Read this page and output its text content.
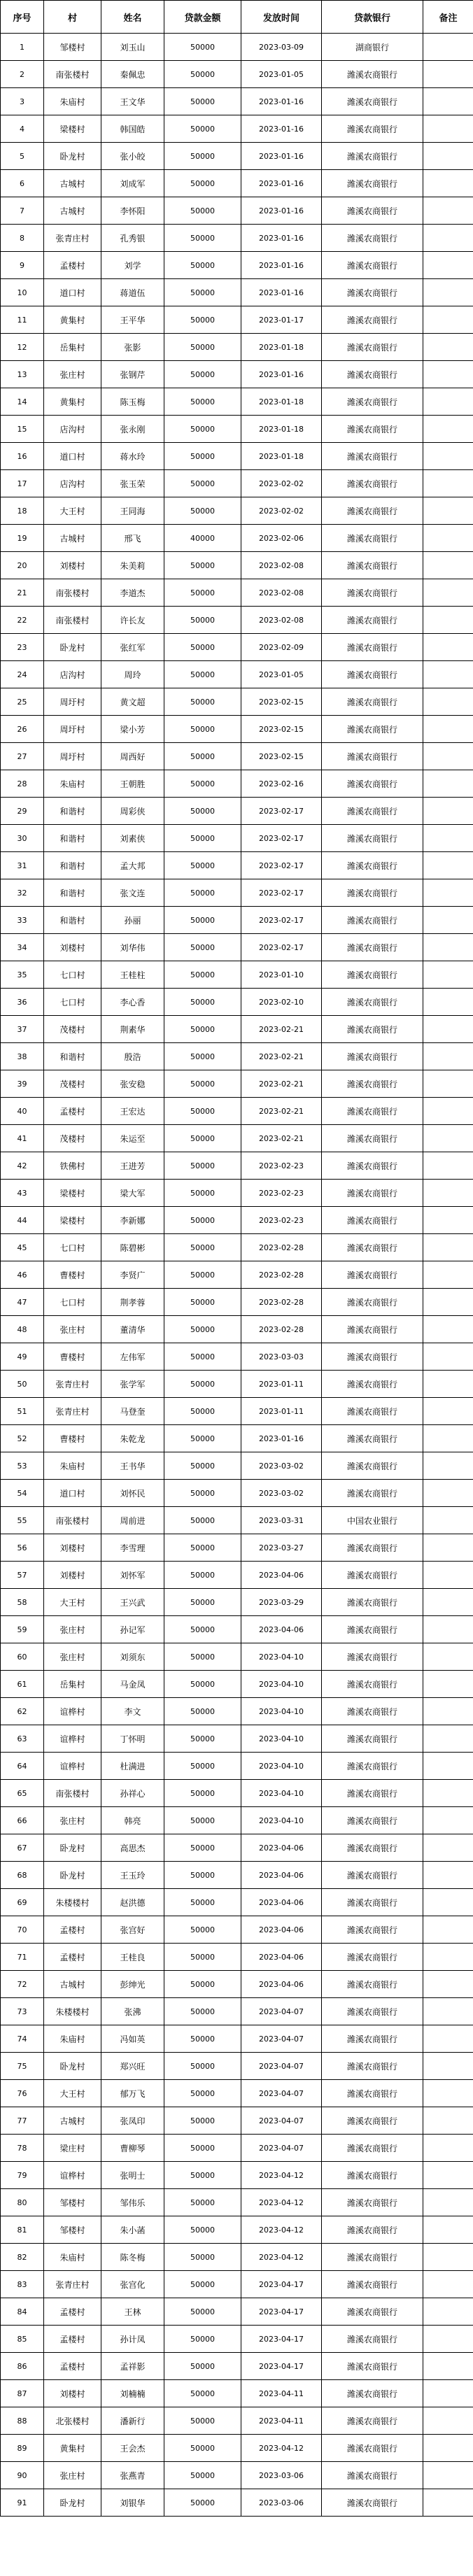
序号	村	姓名	贷款金额	发放时间	贷款银行	备注
1	邹楼村	刘玉山	50000	2023-03-09	湖商银行	
2	南张楼村	秦佩忠	50000	2023-01-05	潍溪农商银行	
3	朱庙村	王文华	50000	2023-01-16	潍溪农商银行	
4	梁楼村	韩国皓	50000	2023-01-16	潍溪农商银行	
5	卧龙村	张小皎	50000	2023-01-16	潍溪农商银行	
6	古城村	刘成军	50000	2023-01-16	潍溪农商银行	
7	古城村	李怀阳	50000	2023-01-16	潍溪农商银行	
8	张青庄村	孔秀银	50000	2023-01-16	潍溪农商银行	
9	孟楼村	刘学	50000	2023-01-16	潍溪农商银行	
10	道口村	蒋道伍	50000	2023-01-16	潍溪农商银行	
11	黄集村	王平华	50000	2023-01-17	潍溪农商银行	
12	岳集村	张影	50000	2023-01-18	潍溪农商银行	
13	张庄村	张钢芹	50000	2023-01-16	潍溪农商银行	
14	黄集村	陈玉梅	50000	2023-01-18	潍溪农商银行	
15	店沟村	张永刚	50000	2023-01-18	潍溪农商银行	
16	道口村	蒋水玲	50000	2023-01-18	潍溪农商银行	
17	店沟村	张玉荣	50000	2023-02-02	潍溪农商银行	
18	大王村	王同海	50000	2023-02-02	潍溪农商银行	
19	古城村	邢飞	40000	2023-02-06	潍溪农商银行	
20	刘楼村	朱美莉	50000	2023-02-08	潍溪农商银行	
21	南张楼村	李道杰	50000	2023-02-08	潍溪农商银行	
22	南张楼村	许长友	50000	2023-02-08	潍溪农商银行	
23	卧龙村	张红军	50000	2023-02-09	潍溪农商银行	
24	店沟村	周玲	50000	2023-01-05	潍溪农商银行	
25	周圩村	黄文超	50000	2023-02-15	潍溪农商银行	
26	周圩村	梁小芳	50000	2023-02-15	潍溪农商银行	
27	周圩村	周西好	50000	2023-02-15	潍溪农商银行	
28	朱庙村	王朝胜	50000	2023-02-16	潍溪农商银行	
29	和谐村	周彩侠	50000	2023-02-17	潍溪农商银行	
30	和谐村	刘素侠	50000	2023-02-17	潍溪农商银行	
31	和谐村	孟大邦	50000	2023-02-17	潍溪农商银行	
32	和谐村	张文连	50000	2023-02-17	潍溪农商银行	
33	和谐村	孙丽	50000	2023-02-17	潍溪农商银行	
34	刘楼村	刘华伟	50000	2023-02-17	潍溪农商银行	
35	七口村	王桂柱	50000	2023-01-10	潍溪农商银行	
36	七口村	李心香	50000	2023-02-10	潍溪农商银行	
37	茂楼村	荆素华	50000	2023-02-21	潍溪农商银行	
38	和谐村	殷浩	50000	2023-02-21	潍溪农商银行	
39	茂楼村	张安稳	50000	2023-02-21	潍溪农商银行	
40	孟楼村	王宏达	50000	2023-02-21	潍溪农商银行	
41	茂楼村	朱运至	50000	2023-02-21	潍溪农商银行	
42	铁佛村	王进芳	50000	2023-02-23	潍溪农商银行	
43	梁楼村	梁大军	50000	2023-02-23	潍溪农商银行	
44	梁楼村	李新娜	50000	2023-02-23	潍溪农商银行	
45	七口村	陈碧彬	50000	2023-02-28	潍溪农商银行	
46	曹楼村	李贤广	50000	2023-02-28	潍溪农商银行	
47	七口村	荆孝蓉	50000	2023-02-28	潍溪农商银行	
48	张庄村	董清华	50000	2023-02-28	潍溪农商银行	
49	曹楼村	左伟军	50000	2023-03-03	潍溪农商银行	
50	张青庄村	张学军	50000	2023-01-11	潍溪农商银行	
51	张青庄村	马登奎	50000	2023-01-11	潍溪农商银行	
52	曹楼村	朱乾龙	50000	2023-01-16	潍溪农商银行	
53	朱庙村	王书华	50000	2023-03-02	潍溪农商银行	
54	道口村	刘怀民	50000	2023-03-02	潍溪农商银行	
55	南张楼村	周前进	50000	2023-03-31	中国农业银行	
56	刘楼村	李雪理	50000	2023-03-27	潍溪农商银行	
57	刘楼村	刘怀军	50000	2023-04-06	潍溪农商银行	
58	大王村	王兴武	50000	2023-03-29	潍溪农商银行	
59	张庄村	孙记军	50000	2023-04-06	潍溪农商银行	
60	张庄村	刘须东	50000	2023-04-10	潍溪农商银行	
61	岳集村	马金凤	50000	2023-04-10	潍溪农商银行	
62	谊桦村	李文	50000	2023-04-10	潍溪农商银行	
63	谊桦村	丁怀明	50000	2023-04-10	潍溪农商银行	
64	谊桦村	杜满进	50000	2023-04-10	潍溪农商银行	
65	南张楼村	孙祥心	50000	2023-04-10	潍溪农商银行	
66	张庄村	韩亮	50000	2023-04-10	潍溪农商银行	
67	卧龙村	高思杰	50000	2023-04-06	潍溪农商银行	
68	卧龙村	王玉玲	50000	2023-04-06	潍溪农商银行	
69	朱楼楼村	赵洪德	50000	2023-04-06	潍溪农商银行	
70	孟楼村	张宫好	50000	2023-04-06	潍溪农商银行	
71	孟楼村	王桂良	50000	2023-04-06	潍溪农商银行	
72	古城村	彭绅光	50000	2023-04-06	潍溪农商银行	
73	朱楼楼村	张沸	50000	2023-04-07	潍溪农商银行	
74	朱庙村	冯如英	50000	2023-04-07	潍溪农商银行	
75	卧龙村	郑兴旺	50000	2023-04-07	潍溪农商银行	
76	大王村	郁万飞	50000	2023-04-07	潍溪农商银行	
77	古城村	张凤印	50000	2023-04-07	潍溪农商银行	
78	梁庄村	曹柳琴	50000	2023-04-07	潍溪农商银行	
79	谊桦村	张明士	50000	2023-04-12	潍溪农商银行	
80	邹楼村	邹伟乐	50000	2023-04-12	潍溪农商银行	
81	邹楼村	朱小菡	50000	2023-04-12	潍溪农商银行	
82	朱庙村	陈冬梅	50000	2023-04-12	潍溪农商银行	
83	张青庄村	张宫化	50000	2023-04-17	潍溪农商银行	
84	孟楼村	王林	50000	2023-04-17	潍溪农商银行	
85	孟楼村	孙计凤	50000	2023-04-17	潍溪农商银行	
86	孟楼村	孟祥影	50000	2023-04-17	潍溪农商银行	
87	刘楼村	刘楠楠	50000	2023-04-11	潍溪农商银行	
88	北张楼村	潘新行	50000	2023-04-11	潍溪农商银行	
89	黄集村	王会杰	50000	2023-04-12	潍溪农商银行	
90	张庄村	张燕青	50000	2023-03-06	潍溪农商银行	
91	卧龙村	刘银华	50000	2023-03-06	潍溪农商银行	
